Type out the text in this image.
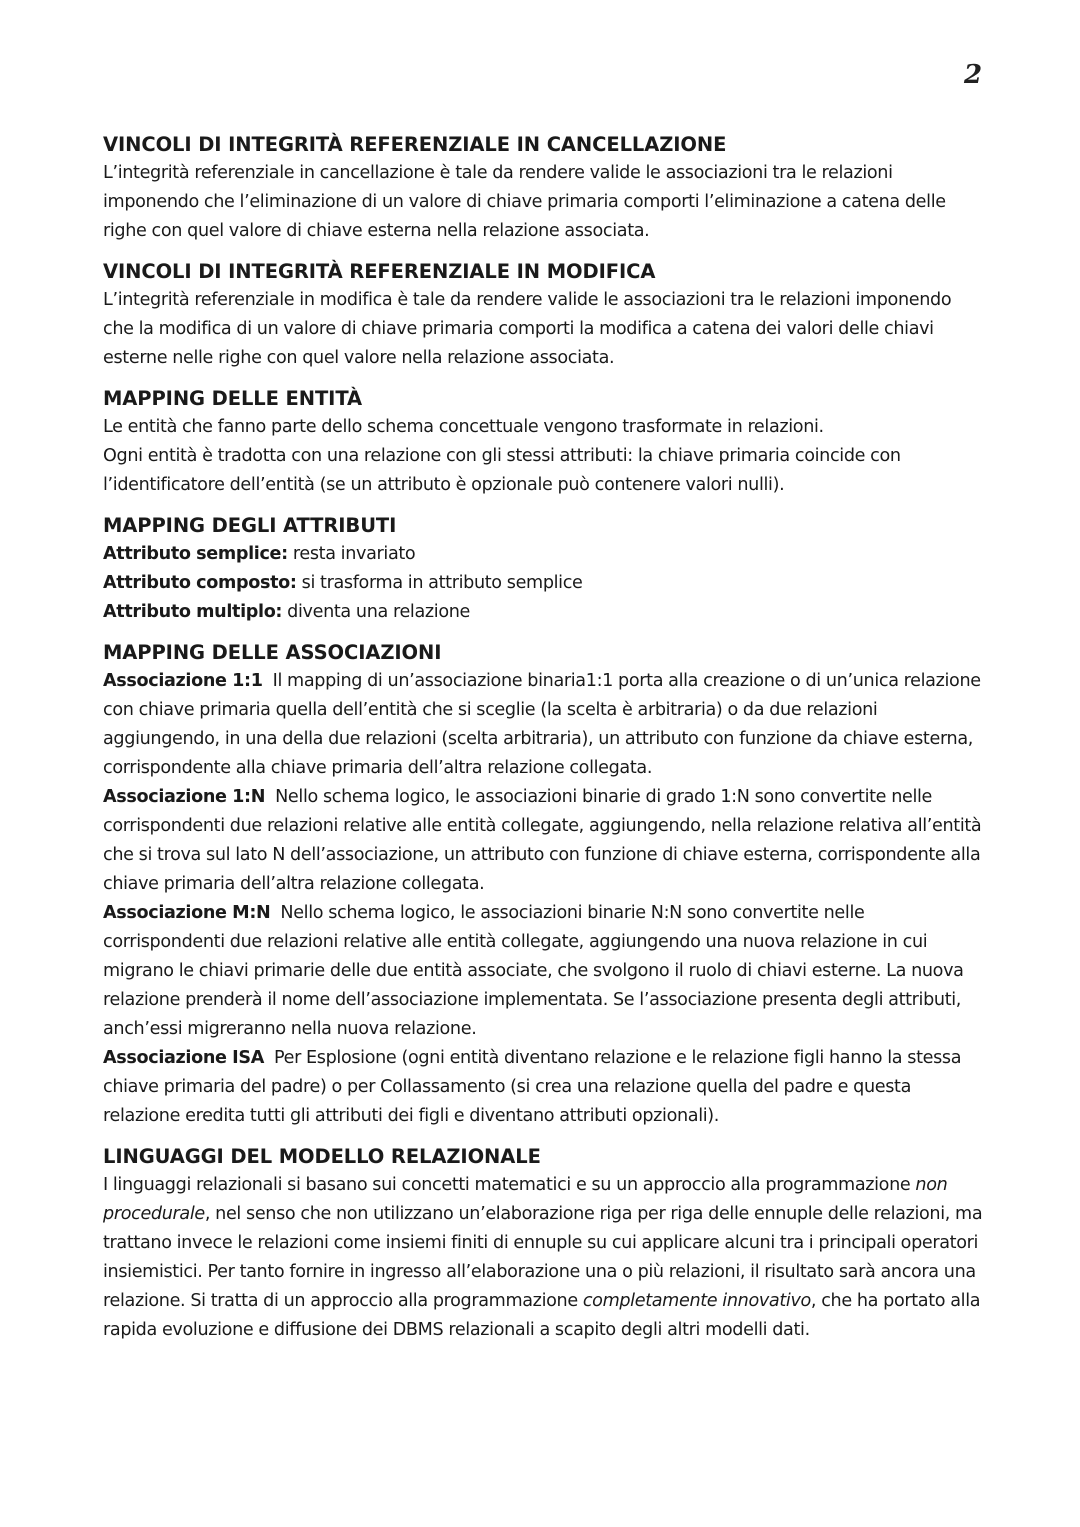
2
VINCOLI DI INTEGRITÀ REFERENZIALE IN CANCELLAZIONE

L’integrità referenziale in cancellazione è tale da rendere valide le associazioni tra le relazioni imponendo che l’eliminazione di un valore di chiave primaria comporti l’eliminazione a catena delle righe con quel valore di chiave esterna nella relazione associata.

VINCOLI DI INTEGRITÀ REFERENZIALE IN MODIFICA

L’integrità referenziale in modifica è tale da rendere valide le associazioni tra le relazioni imponendo che la modifica di un valore di chiave primaria comporti la modifica a catena dei valori delle chiavi esterne nelle righe con quel valore nella relazione associata.

MAPPING DELLE ENTITÀ

Le entità che fanno parte dello schema concettuale vengono trasformate in relazioni.

Ogni entità è tradotta con una relazione con gli stessi attributi: la chiave primaria coincide con l’identificatore dell’entità (se un attributo è opzionale può contenere valori nulli).

MAPPING DEGLI ATTRIBUTI

Attributo semplice: resta invariato

Attributo composto: si trasforma in attributo semplice

Attributo multiplo: diventa una relazione

MAPPING DELLE ASSOCIAZIONI

Associazione 1:1 Il mapping di un’associazione binaria1:1 porta alla creazione o di un’unica relazione con chiave primaria quella dell’entità che si sceglie (la scelta è arbitraria) o da due relazioni aggiungendo, in una della due relazioni (scelta arbitraria), un attributo con funzione da chiave esterna, corrispondente alla chiave primaria dell’altra relazione collegata.

Associazione 1:N Nello schema logico, le associazioni binarie di grado 1:N sono convertite nelle corrispondenti due relazioni relative alle entità collegate, aggiungendo, nella relazione relativa all’entità che si trova sul lato N dell’associazione, un attributo con funzione di chiave esterna, corrispondente alla chiave primaria dell’altra relazione collegata.

Associazione M:N Nello schema logico, le associazioni binarie N:N sono convertite nelle corrispondenti due relazioni relative alle entità collegate, aggiungendo una nuova relazione in cui migrano le chiavi primarie delle due entità associate, che svolgono il ruolo di chiavi esterne. La nuova relazione prenderà il nome dell’associazione implementata. Se l’associazione presenta degli attributi, anch’essi migreranno nella nuova relazione.

Associazione ISA Per Esplosione (ogni entità diventano relazione e le relazione figli hanno la stessa chiave primaria del padre) o per Collassamento (si crea una relazione quella del padre e questa relazione eredita tutti gli attributi dei figli e diventano attributi opzionali).

LINGUAGGI DEL MODELLO RELAZIONALE

I linguaggi relazionali si basano sui concetti matematici e su un approccio alla programmazione non procedurale, nel senso che non utilizzano un’elaborazione riga per riga delle ennuple delle relazioni, ma trattano invece le relazioni come insiemi finiti di ennuple su cui applicare alcuni tra i principali operatori insiemistici. Per tanto fornire in ingresso all’elaborazione una o più relazioni, il risultato sarà ancora una relazione. Si tratta di un approccio alla programmazione completamente innovativo, che ha portato alla rapida evoluzione e diffusione dei DBMS relazionali a scapito degli altri modelli dati.
